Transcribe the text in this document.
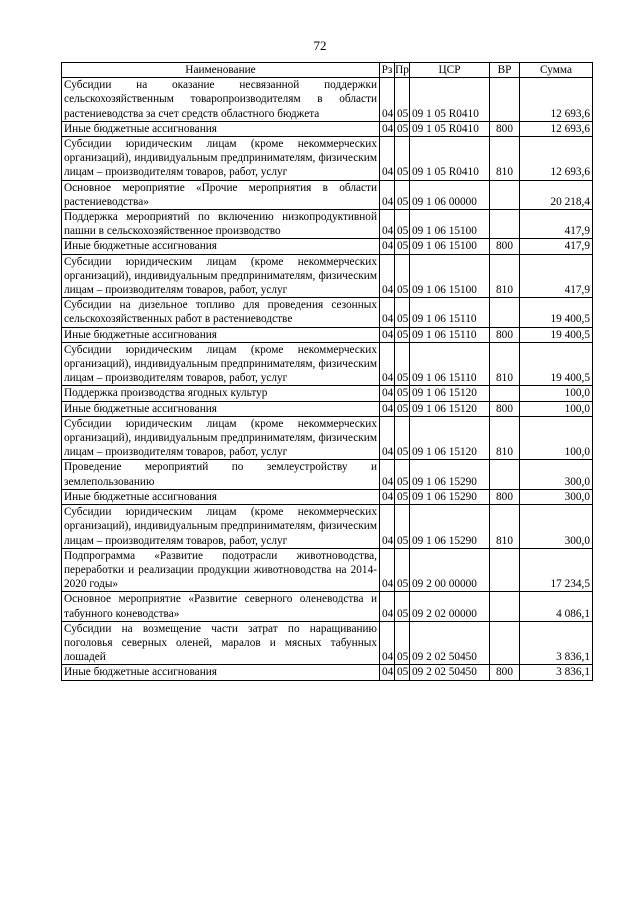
72
Наименование	Рз	Пр	ЦСР	ВР	Сумма
Субсидии на оказание несвязанной поддержки сельскохозяйственным товаропроизводителям в области растениеводства за счет средств областного бюджета	04	05	09 1 05 R0410		12 693,6
Иные бюджетные ассигнования	04	05	09 1 05 R0410	800	12 693,6
Субсидии юридическим лицам (кроме некоммерческих организаций), индивидуальным предпринимателям, физическим лицам – производителям товаров, работ, услуг	04	05	09 1 05 R0410	810	12 693,6
Основное мероприятие «Прочие мероприятия в области растениеводства»	04	05	09 1 06 00000		20 218,4
Поддержка мероприятий по включению низкопродуктивной пашни в сельскохозяйственное производство	04	05	09 1 06 15100		417,9
Иные бюджетные ассигнования	04	05	09 1 06 15100	800	417,9
Субсидии юридическим лицам (кроме некоммерческих организаций), индивидуальным предпринимателям, физическим лицам – производителям товаров, работ, услуг	04	05	09 1 06 15100	810	417,9
Субсидии на дизельное топливо для проведения сезонных сельскохозяйственных работ в растениеводстве	04	05	09 1 06 15110		19 400,5
Иные бюджетные ассигнования	04	05	09 1 06 15110	800	19 400,5
Субсидии юридическим лицам (кроме некоммерческих организаций), индивидуальным предпринимателям, физическим лицам – производителям товаров, работ, услуг	04	05	09 1 06 15110	810	19 400,5
Поддержка производства ягодных культур	04	05	09 1 06 15120		100,0
Иные бюджетные ассигнования	04	05	09 1 06 15120	800	100,0
Субсидии юридическим лицам (кроме некоммерческих организаций), индивидуальным предпринимателям, физическим лицам – производителям товаров, работ, услуг	04	05	09 1 06 15120	810	100,0
Проведение мероприятий по землеустройству и землепользованию	04	05	09 1 06 15290		300,0
Иные бюджетные ассигнования	04	05	09 1 06 15290	800	300,0
Субсидии юридическим лицам (кроме некоммерческих организаций), индивидуальным предпринимателям, физическим лицам – производителям товаров, работ, услуг	04	05	09 1 06 15290	810	300,0
Подпрограмма «Развитие подотрасли животноводства, переработки и реализации продукции животноводства на 2014-2020 годы»	04	05	09 2 00 00000		17 234,5
Основное мероприятие «Развитие северного оленеводства и табунного коневодства»	04	05	09 2 02 00000		4 086,1
Субсидии на возмещение части затрат по наращиванию поголовья северных оленей, маралов и мясных табунных лошадей	04	05	09 2 02 50450		3 836,1
Иные бюджетные ассигнования	04	05	09 2 02 50450	800	3 836,1
